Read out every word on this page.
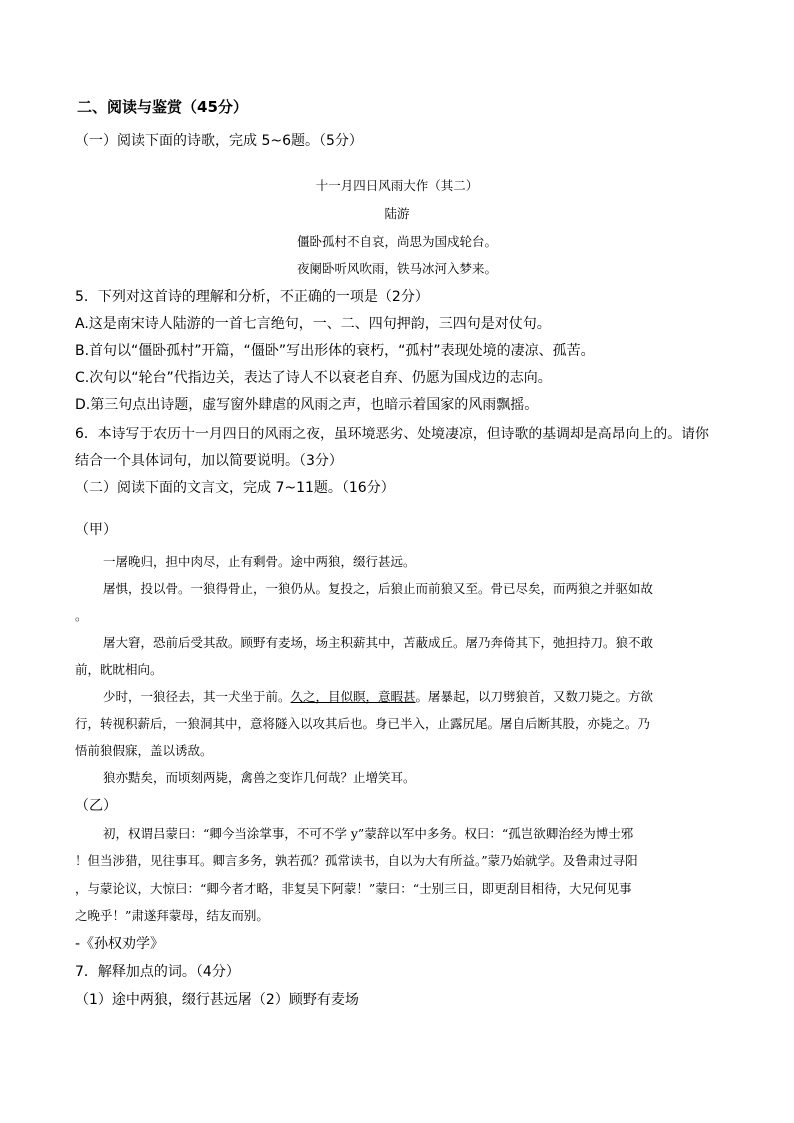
二、阅读与鉴赏（45分）
（一）阅读下面的诗歌，完成 5~6题。（5分）
十一月四日风雨大作（其二）
陆游
僵卧孤村不自哀，尚思为国戍轮台。
夜阑卧听风吹雨，铁马冰河入梦来。
5．下列对这首诗的理解和分析，不正确的一项是（2分）
A.这是南宋诗人陆游的一首七言绝句，一、二、四句押韵，三四句是对仗句。
B.首句以“僵卧孤村”开篇，“僵卧”写出形体的衰朽，“孤村”表现处境的凄凉、孤苦。
C.次句以“轮台”代指边关，表达了诗人不以衰老自弃、仍愿为国戍边的志向。
D.第三句点出诗题，虚写窗外肆虐的风雨之声，也暗示着国家的风雨飘摇。
6．本诗写于农历十一月四日的风雨之夜，虽环境恶劣、处境凄凉，但诗歌的基调却是高昂向上的。请你
结合一个具体词句，加以简要说明。（3分）
（二）阅读下面的文言文，完成 7~11题。（16分）
（甲）
一屠晚归，担中肉尽，止有剩骨。途中两狼，缀行甚远。
屠惧，投以骨。一狼得骨止，一狼仍从。复投之，后狼止而前狼又至。骨已尽矣，而两狼之并驱如故
。
屠大窘，恐前后受其敌。顾野有麦场，场主积薪其中，苫蔽成丘。屠乃奔倚其下，弛担持刀。狼不敢
前，眈眈相向。
少时，一狼径去，其一犬坐于前。久之，目似瞑，意暇甚。屠暴起，以刀劈狼首，又数刀毙之。方欲
行，转视积薪后，一狼洞其中，意将隧入以攻其后也。身已半入，止露尻尾。屠自后断其股，亦毙之。乃
悟前狼假寐，盖以诱敌。
狼亦黠矣，而顷刻两毙，禽兽之变诈几何哉？止增笑耳。
（乙）
初，权谓吕蒙曰：“卿今当涂掌事，不可不学 y”蒙辞以军中多务。权曰：“孤岂欲卿治经为博士邪
！但当涉猎，见往事耳。卿言多务，孰若孤？孤常读书，自以为大有所益。”蒙乃始就学。及鲁肃过寻阳
，与蒙论议，大惊曰：“卿今者才略，非复吴下阿蒙！”蒙曰：“士别三日，即更刮目相待，大兄何见事
之晚乎！”肃遂拜蒙母，结友而别。
-《孙权劝学》
7．解释加点的词。（4分）
（1）途中两狼，缀行甚远屠（2）顾野有麦场
